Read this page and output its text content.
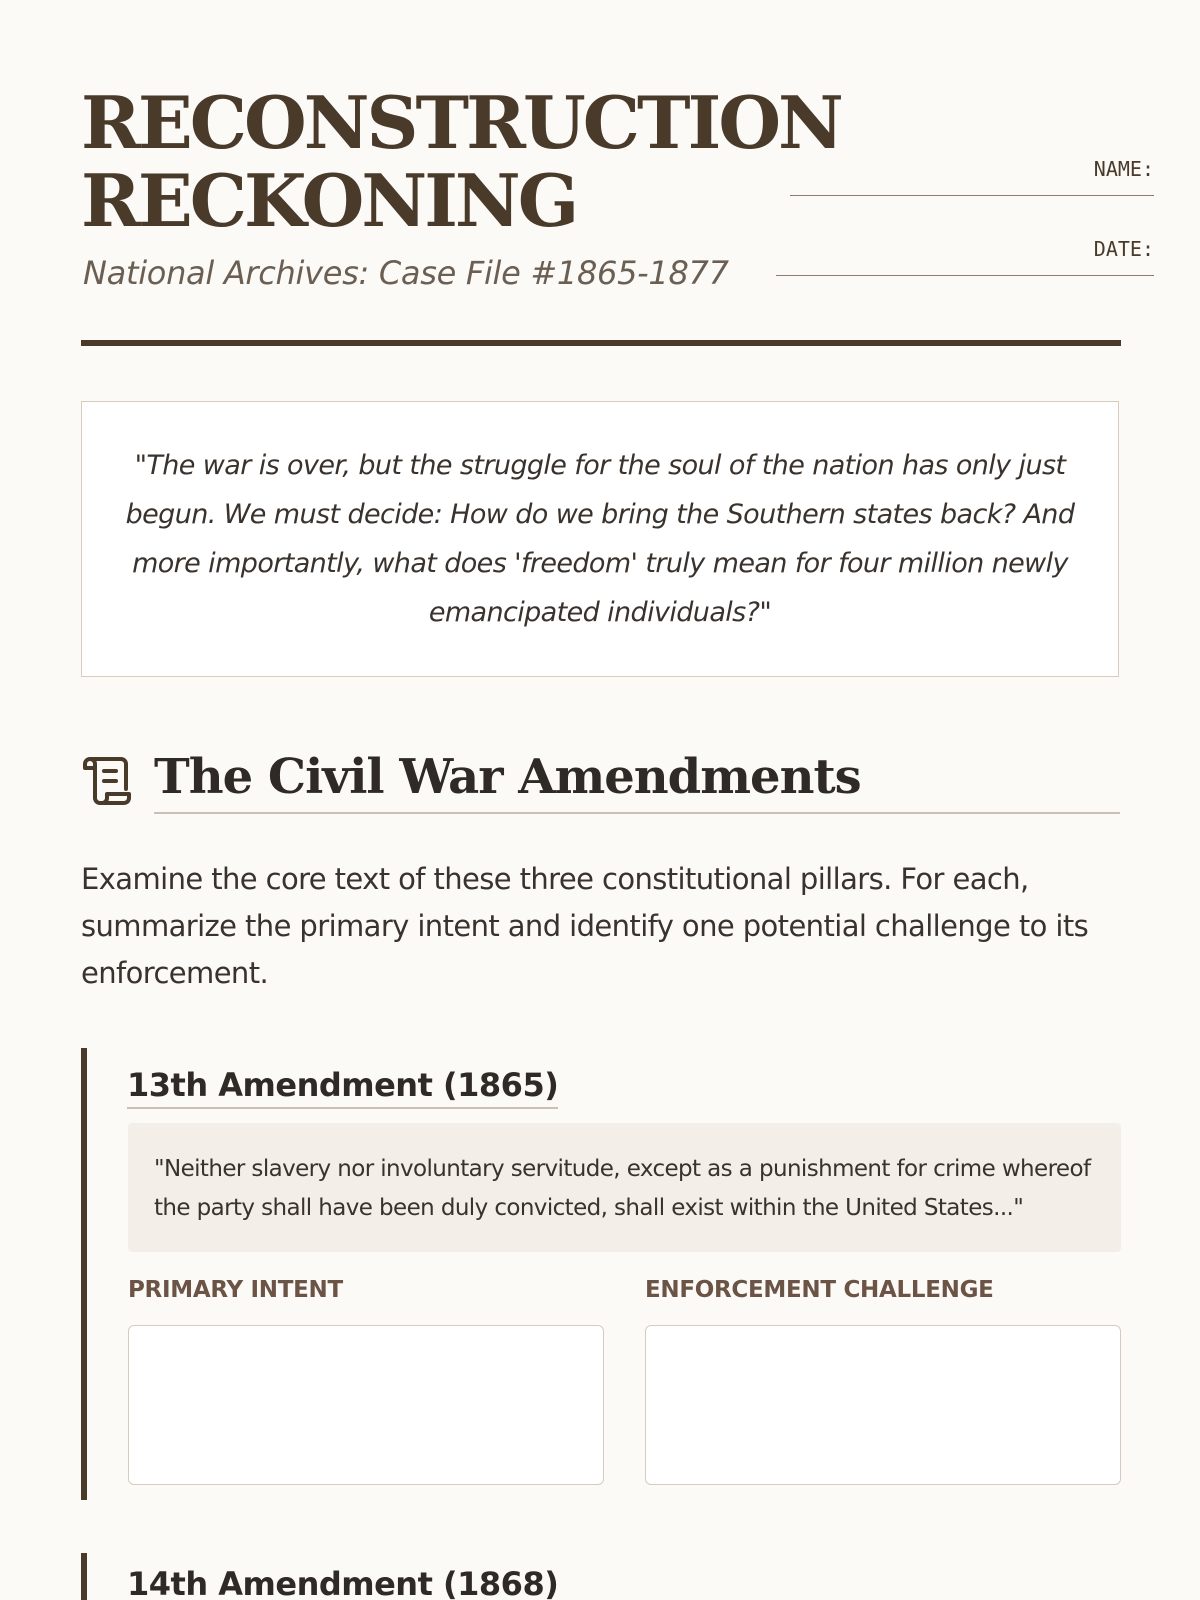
RECONSTRUCTION
RECKONING

National Archives: Case File #1865-1877

NAME:
DATE:

"The war is over, but the struggle for the soul of the nation has only just begun. We must decide: How do we bring the Southern states back? And more importantly, what does 'freedom' truly mean for four million newly emancipated individuals?"

The Civil War Amendments

Examine the core text of these three constitutional pillars. For each, summarize the primary intent and identify one potential challenge to its enforcement.

13th Amendment (1865)

"Neither slavery nor involuntary servitude, except as a punishment for crime whereof the party shall have been duly convicted, shall exist within the United States..."

PRIMARY INTENT	ENFORCEMENT CHALLENGE

14th Amendment (1868)
